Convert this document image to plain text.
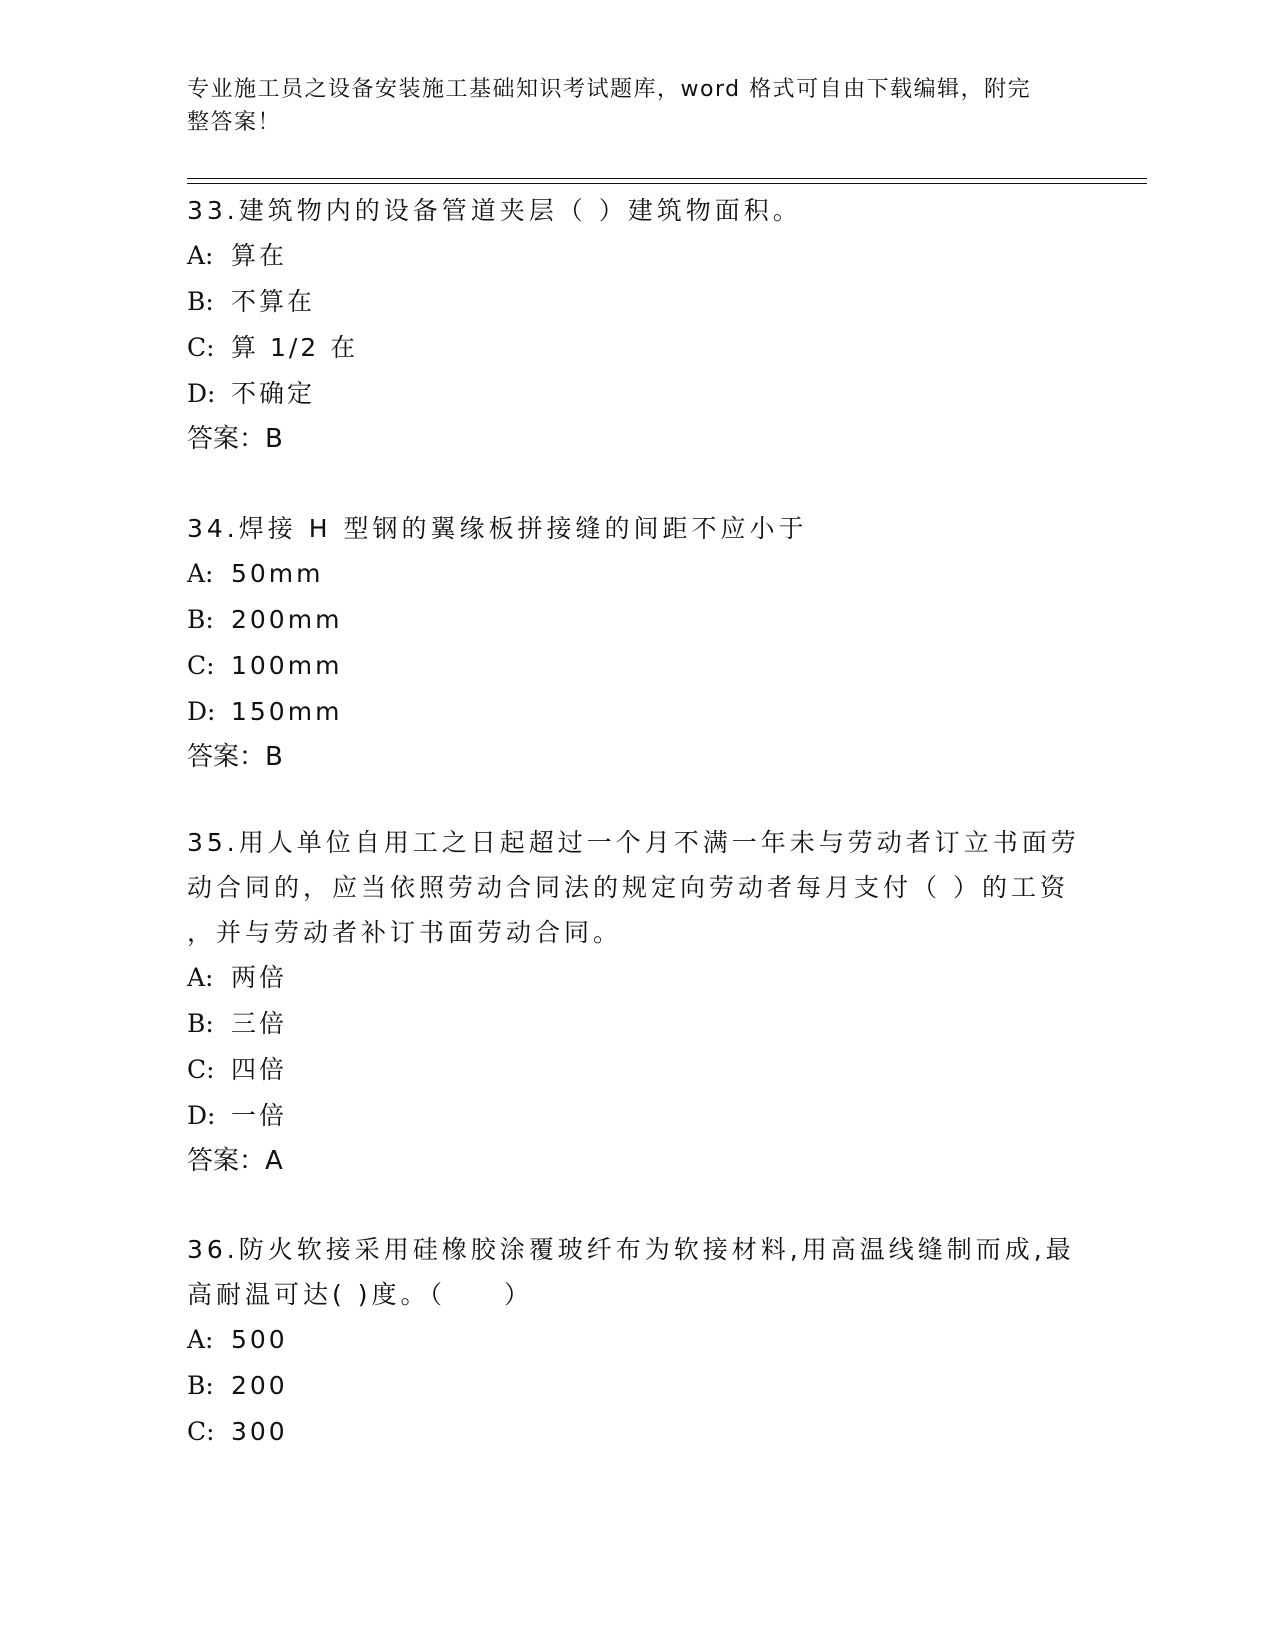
专业施工员之设备安装施工基础知识考试题库，word 格式可自由下载编辑，附完
整答案！
33.建筑物内的设备管道夹层（ ）建筑物面积。
A: 算在
B: 不算在
C: 算 1/2 在
D: 不确定
答案：B
34.焊接 H 型钢的翼缘板拼接缝的间距不应小于
A: 50mm
B: 200mm
C: 100mm
D: 150mm
答案：B
35.用人单位自用工之日起超过一个月不满一年未与劳动者订立书面劳
动合同的，应当依照劳动合同法的规定向劳动者每月支付（ ）的工资
，并与劳动者补订书面劳动合同。
A: 两倍
B: 三倍
C: 四倍
D: 一倍
答案：A
36.防火软接采用硅橡胶涂覆玻纤布为软接材料,用高温线缝制而成,最
高耐温可达( )度。（　　）
A: 500
B: 200
C: 300
